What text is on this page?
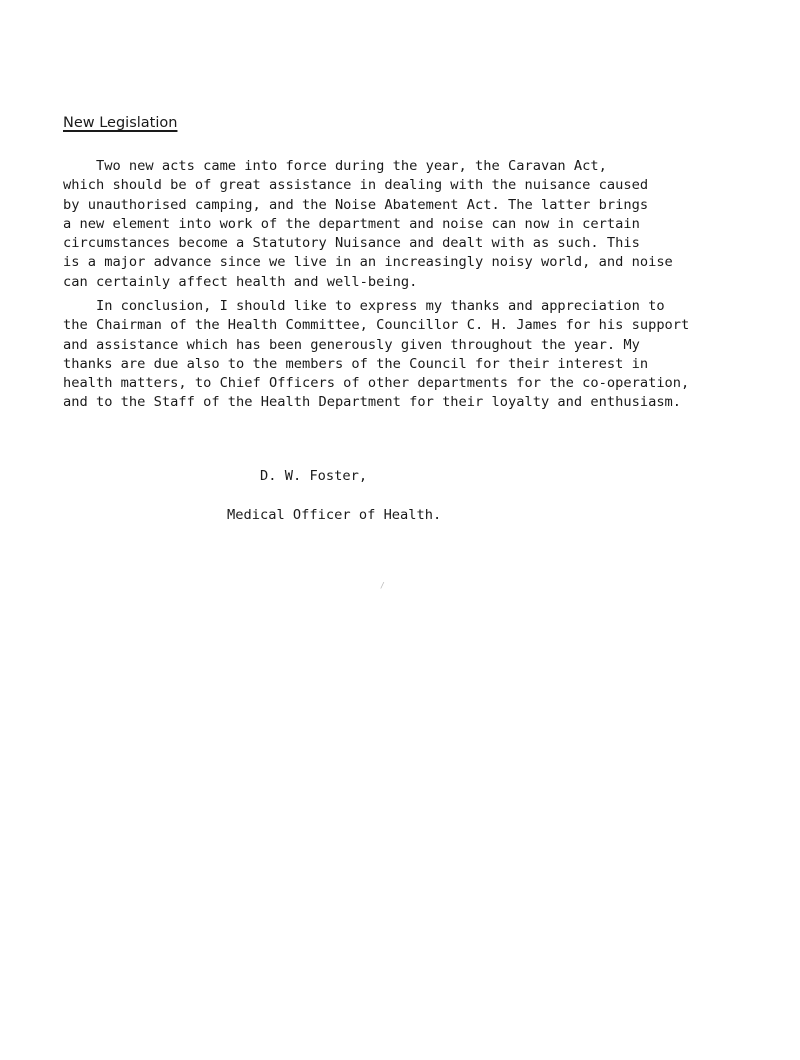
New Legislation

Two new acts came into force during the year, the Caravan Act,
which should be of great assistance in dealing with the nuisance caused
by unauthorised camping, and the Noise Abatement Act. The latter brings
a new element into work of the department and noise can now in certain
circumstances become a Statutory Nuisance and dealt with as such. This
is a major advance since we live in an increasingly noisy world, and noise
can certainly affect health and well-being.

In conclusion, I should like to express my thanks and appreciation to
the Chairman of the Health Committee, Councillor C. H. James for his support
and assistance which has been generously given throughout the year. My
thanks are due also to the members of the Council for their interest in
health matters, to Chief Officers of other departments for the co-operation,
and to the Staff of the Health Department for their loyalty and enthusiasm.

D. W. Foster,

Medical Officer of Health.

/
